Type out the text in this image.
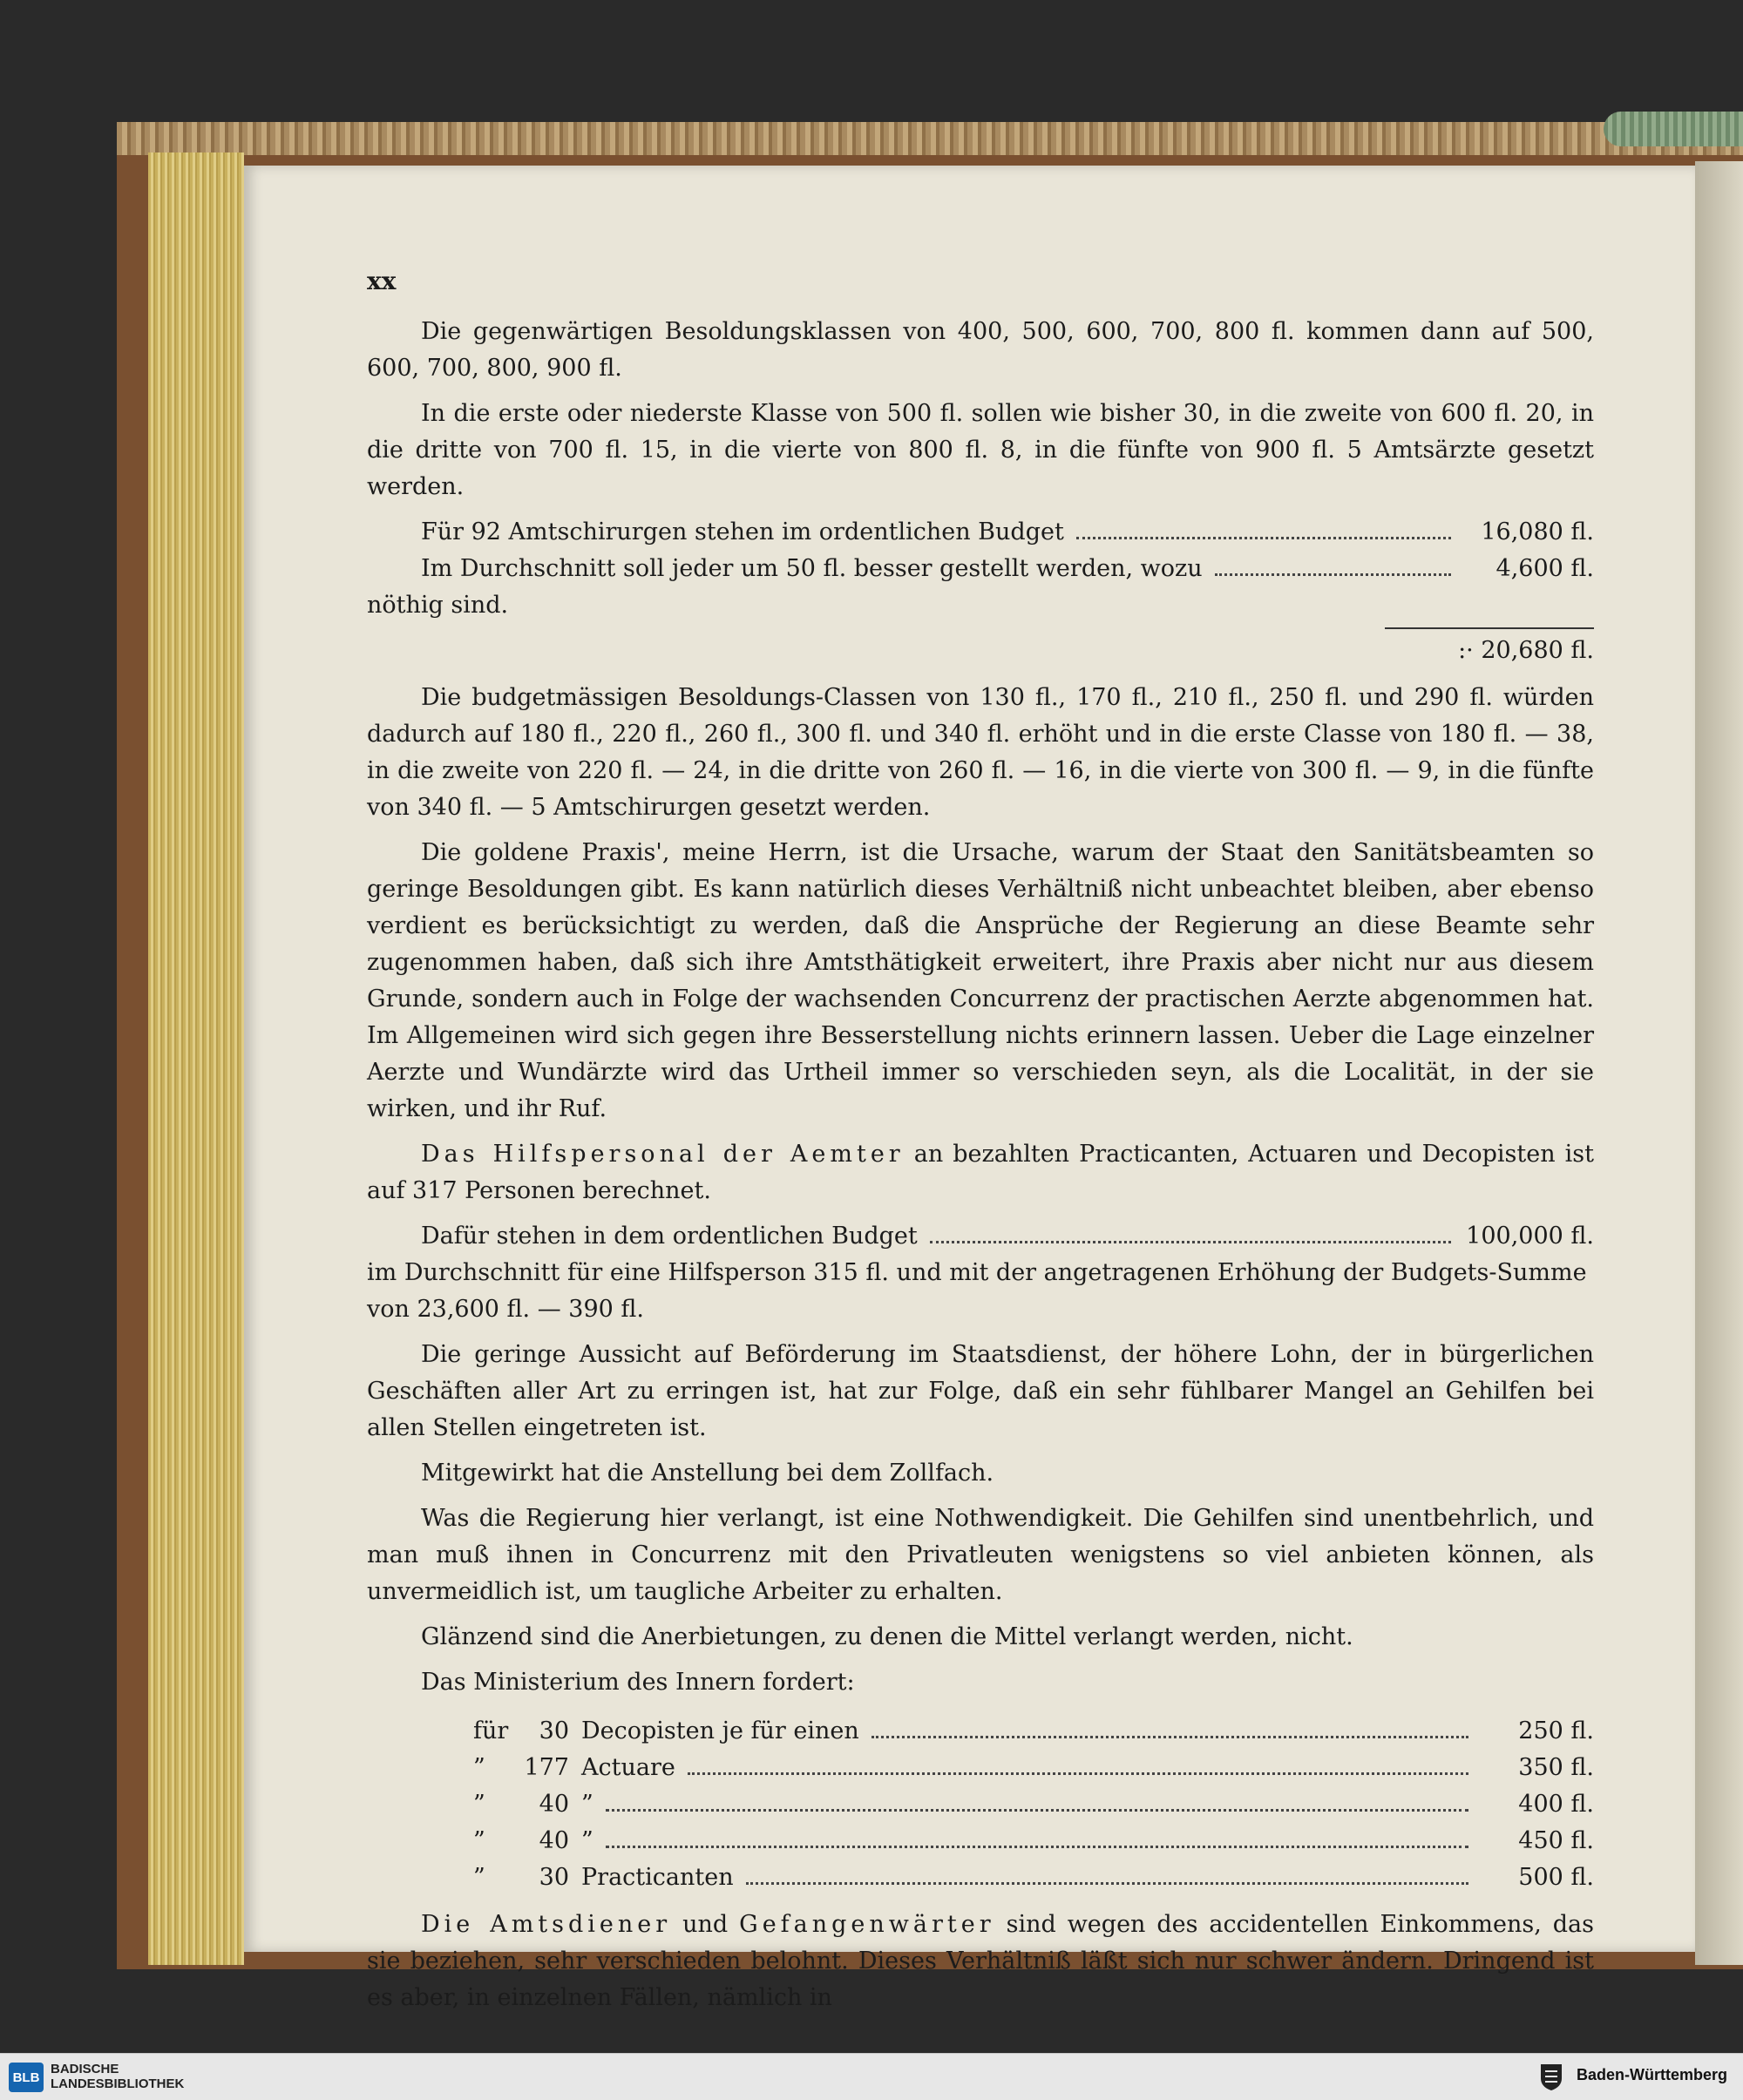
xx

Die gegenwärtigen Besoldungsklassen von 400, 500, 600, 700, 800 fl. kommen dann auf 500, 600, 700, 800, 900 fl.

In die erste oder niederste Klasse von 500 fl. sollen wie bisher 30, in die zweite von 600 fl. 20, in die dritte von 700 fl. 15, in die vierte von 800 fl. 8, in die fünfte von 900 fl. 5 Amtsärzte gesetzt werden.

Für 92 Amtschirurgen stehen im ordentlichen Budget	16,080 fl.
Im Durchschnitt soll jeder um 50 fl. besser gestellt werden, wozu	4,600 fl.
nöthig sind.
:· 20,680 fl.

Die budgetmässigen Besoldungs-Classen von 130 fl., 170 fl., 210 fl., 250 fl. und 290 fl. würden dadurch auf 180 fl., 220 fl., 260 fl., 300 fl. und 340 fl. erhöht und in die erste Classe von 180 fl. — 38, in die zweite von 220 fl. — 24, in die dritte von 260 fl. — 16, in die vierte von 300 fl. — 9, in die fünfte von 340 fl. — 5 Amtschirurgen gesetzt werden.

Die goldene Praxis', meine Herrn, ist die Ursache, warum der Staat den Sanitätsbeamten so geringe Besoldungen gibt. Es kann natürlich dieses Verhältniß nicht unbeachtet bleiben, aber ebenso verdient es berücksichtigt zu werden, daß die Ansprüche der Regierung an diese Beamte sehr zugenommen haben, daß sich ihre Amtsthätigkeit erweitert, ihre Praxis aber nicht nur aus diesem Grunde, sondern auch in Folge der wachsenden Concurrenz der practischen Aerzte abgenommen hat. Im Allgemeinen wird sich gegen ihre Besserstellung nichts erinnern lassen. Ueber die Lage einzelner Aerzte und Wundärzte wird das Urtheil immer so verschieden seyn, als die Localität, in der sie wirken, und ihr Ruf.

Das Hilfspersonal der Aemter an bezahlten Practicanten, Actuaren und Decopisten ist auf 317 Personen berechnet.

Dafür stehen in dem ordentlichen Budget	100,000 fl.
im Durchschnitt für eine Hilfsperson 315 fl. und mit der angetragenen Erhöhung der Budgets-Summe von 23,600 fl. — 390 fl.

Die geringe Aussicht auf Beförderung im Staatsdienst, der höhere Lohn, der in bürgerlichen Geschäften aller Art zu erringen ist, hat zur Folge, daß ein sehr fühlbarer Mangel an Gehilfen bei allen Stellen eingetreten ist.

Mitgewirkt hat die Anstellung bei dem Zollfach.

Was die Regierung hier verlangt, ist eine Nothwendigkeit. Die Gehilfen sind unentbehrlich, und man muß ihnen in Concurrenz mit den Privatleuten wenigstens so viel anbieten können, als unvermeidlich ist, um taugliche Arbeiter zu erhalten.

Glänzend sind die Anerbietungen, zu denen die Mittel verlangt werden, nicht.

Das Ministerium des Innern fordert:

für	30 Decopisten je für einen	250 fl.
”	177 Actuare	350 fl.
”	40 ”	400 fl.
”	40 ”	450 fl.
”	30 Practicanten	500 fl.

Die Amtsdiener und Gefangenwärter sind wegen des accidentellen Einkommens, das sie beziehen, sehr verschieden belohnt. Dieses Verhältniß läßt sich nur schwer ändern. Dringend ist es aber, in einzelnen Fällen, nämlich in

BLB
BADISCHE
LANDESBIBLIOTHEK
Baden-Württemberg
